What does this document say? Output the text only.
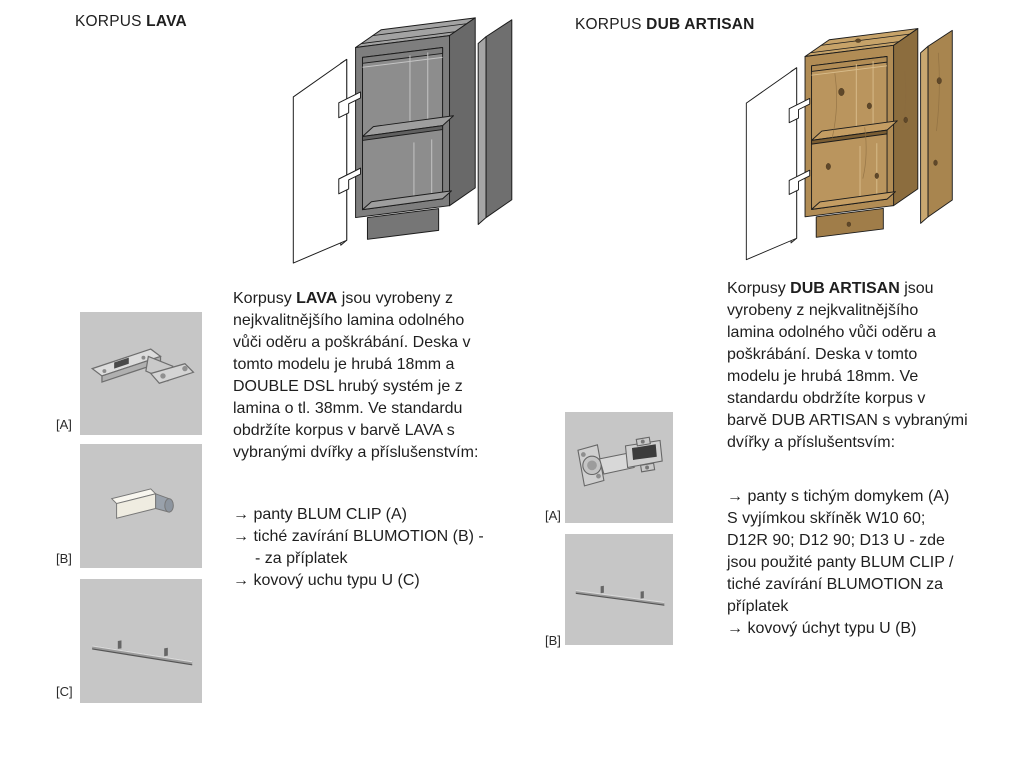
KORPUS LAVA
[A]
[B]
[C]
Korpusy LAVA jsou vyrobeny z
nejkvalitnějšího lamina odolného
vůči oděru a poškrábání. Deska v
tomto modelu je hrubá 18mm a
DOUBLE DSL hrubý systém je z
lamina o tl. 38mm. Ve standardu
obdržíte korpus v barvě LAVA s
vybranými dvířky a příslušenstvím:
→ panty BLUM CLIP (A)
→ tiché zavírání BLUMOTION (B) -
- za příplatek
→ kovový uchu typu U (C)
KORPUS DUB ARTISAN
Korpusy DUB ARTISAN jsou
vyrobeny z nejkvalitnějšího
lamina odolného vůči oděru a
poškrábání. Deska v tomto
modelu je hrubá 18mm. Ve
standardu obdržíte korpus v
barvě DUB ARTISAN s vybranými
dvířky a příslušentsvím:
→ panty s tichým domykem (A)
S vyjímkou skříněk W10 60;
D12R 90; D12 90; D13 U - zde
jsou použité panty BLUM CLIP /
tiché zavírání BLUMOTION za
příplatek
→ kovový úchyt typu U (B)
[A]
[B]
